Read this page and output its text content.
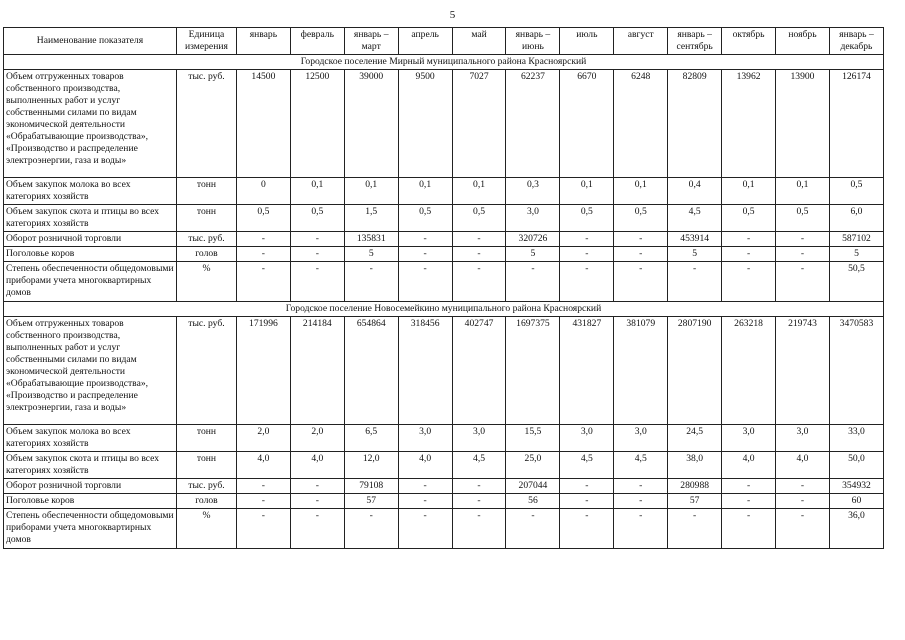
5
Наименование показателя	Единица измерения	январь	февраль	январь – март	апрель	май	январь – июнь	июль	август	январь – сентябрь	октябрь	ноябрь	январь – декабрь
Городское поселение Мирный муниципального района Красноярский													
Объем отгруженных товаров собственного производства, выполненных работ и услуг собственными силами по видам экономической деятельности «Обрабатывающие производства», «Производство и распределение электроэнергии, газа и воды»	тыс. руб.	14500	12500	39000	9500	7027	62237	6670	6248	82809	13962	13900	126174
Объем закупок молока во всех категориях хозяйств	тонн	0	0,1	0,1	0,1	0,1	0,3	0,1	0,1	0,4	0,1	0,1	0,5
Объем закупок скота и птицы во всех категориях хозяйств	тонн	0,5	0,5	1,5	0,5	0,5	3,0	0,5	0,5	4,5	0,5	0,5	6,0
Оборот розничной торговли	тыс. руб.	-	-	135831	-	-	320726	-	-	453914	-	-	587102
Поголовье коров	голов	-	-	5	-	-	5	-	-	5	-	-	5
Степень обеспеченности общедомовыми приборами учета многоквартирных домов	%	-	-	-	-	-	-	-	-	-	-	-	50,5
Городское поселение Новосемейкино муниципального района Красноярский													
Объем отгруженных товаров собственного производства, выполненных работ и услуг собственными силами по видам экономической деятельности «Обрабатывающие производства», «Производство и распределение электроэнергии, газа и воды»	тыс. руб.	171996	214184	654864	318456	402747	1697375	431827	381079	2807190	263218	219743	3470583
Объем закупок молока во всех категориях хозяйств	тонн	2,0	2,0	6,5	3,0	3,0	15,5	3,0	3,0	24,5	3,0	3,0	33,0
Объем закупок скота и птицы во всех категориях хозяйств	тонн	4,0	4,0	12,0	4,0	4,5	25,0	4,5	4,5	38,0	4,0	4,0	50,0
Оборот розничной торговли	тыс. руб.	-	-	79108	-	-	207044	-	-	280988	-	-	354932
Поголовье коров	голов	-	-	57	-	-	56	-	-	57	-	-	60
Степень обеспеченности общедомовыми приборами учета многоквартирных домов	%	-	-	-	-	-	-	-	-	-	-	-	36,0
